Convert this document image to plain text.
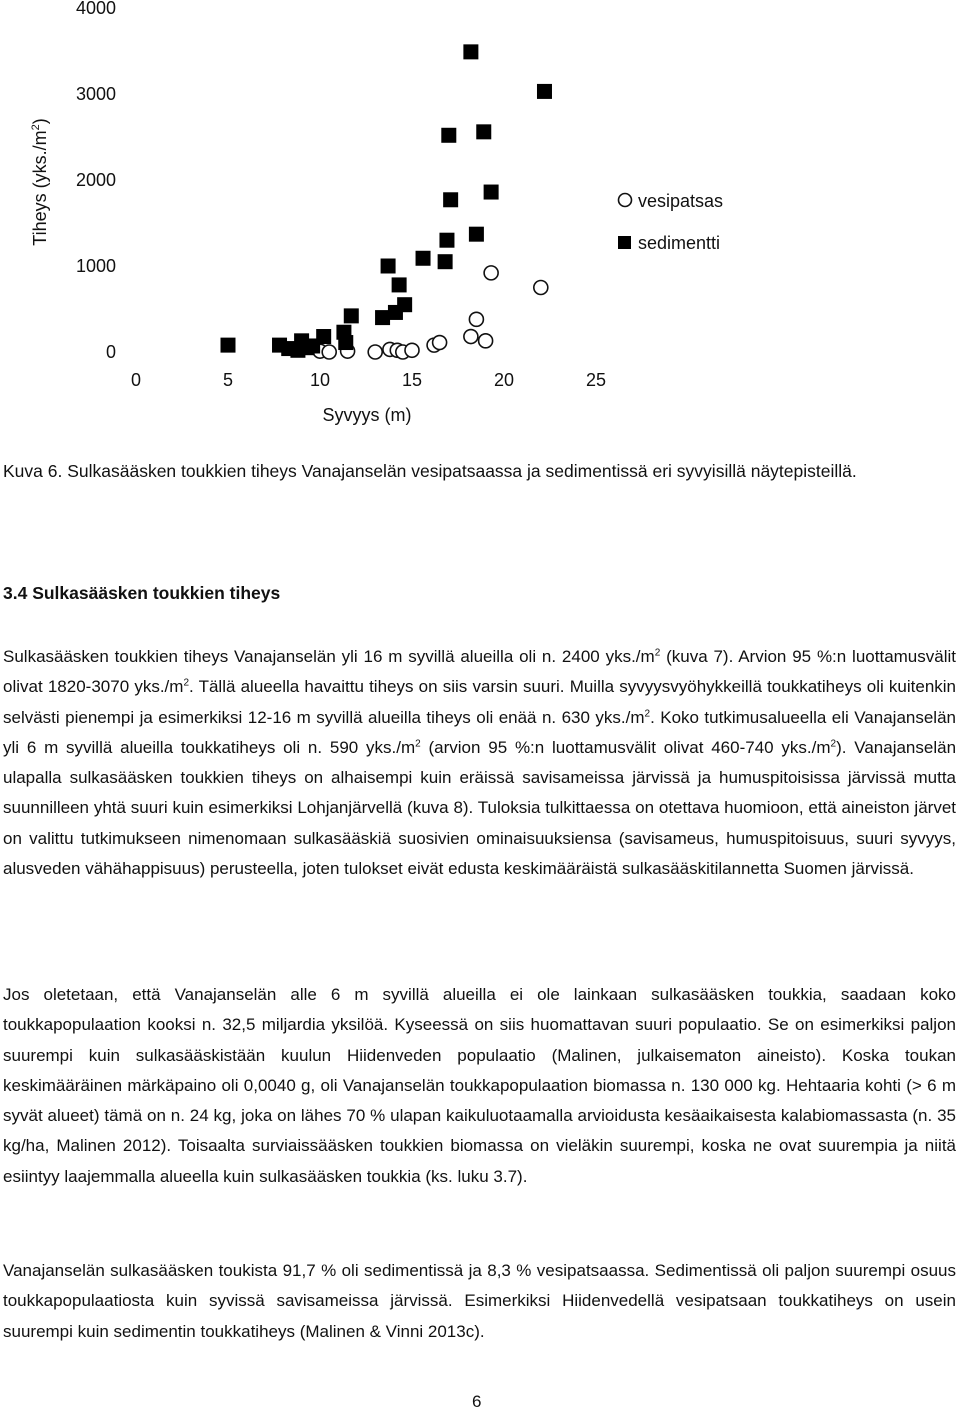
0
1000
2000
3000
4000
0	5	10	15	20	25
Syvyys (m)
Tiheys $(yks./m^2)$
vesipatsas
sedimentti
Kuva 6. Sulkasääsken toukkien tiheys Vanajanselän vesipatsaassa ja sedimentissä eri syvyisillä näytepisteillä.
3.4 Sulkasääsken toukkien tiheys
Sulkasääsken toukkien tiheys Vanajanselän yli 16 m syvillä alueilla oli n. 2400 $yks./m^2$ (kuva 7). Arvion 95 %:n luottamusvälit olivat 1820-3070 $yks./m^2$. Tällä alueella havaittu tiheys on siis varsin suuri. Muilla syvyysvyöhykkeillä toukkatiheys oli kuitenkin selvästi pienempi ja esimerkiksi 12-16 m syvillä alueilla tiheys oli enää n. 630 $yks./m^2$. Koko tutkimusalueella eli Vanajanselän yli 6 m syvillä alueilla toukkatiheys oli n. 590 $yks./m^2$ (arvion 95 %:n luottamusvälit olivat 460-740 $yks./m^2$). Vanajanselän ulapalla sulkasääsken toukkien tiheys on alhaisempi kuin eräissä savisameissa järvissä ja humuspitoisissa järvissä mutta suunnilleen yhtä suuri kuin esimerkiksi Lohjanjärvellä (kuva 8). Tuloksia tulkittaessa on otettava huomioon, että aineiston järvet on valittu tutkimukseen nimenomaan sulkasääskiä suosivien ominaisuuksiensa (savisameus, humuspitoisuus, suuri syvyys, alusveden vähähappisuus) perusteella, joten tulokset eivät edusta keskimääräistä sulkasääskitilannetta Suomen järvissä.
Jos oletetaan, että Vanajanselän alle 6 m syvillä alueilla ei ole lainkaan sulkasääsken toukkia, saadaan koko toukkapopulaation kooksi n. 32,5 miljardia yksilöä. Kyseessä on siis huomattavan suuri populaatio. Se on esimerkiksi paljon suurempi kuin sulkasääskistään kuulun Hiidenveden populaatio (Malinen, julkaisematon aineisto). Koska toukan keskimääräinen märkäpaino oli 0,0040 g, oli Vanajanselän toukkapopulaation biomassa n. 130 000 kg. Hehtaaria kohti (> 6 m syvät alueet) tämä on n. 24 kg, joka on lähes 70 % ulapan kaikuluotaamalla arvioidusta kesäaikaisesta kalabiomassasta (n. 35 kg/ha, Malinen 2012). Toisaalta surviaissääsken toukkien biomassa on vieläkin suurempi, koska ne ovat suurempia ja niitä esiintyy laajemmalla alueella kuin sulkasääsken toukkia (ks. luku 3.7).
Vanajanselän sulkasääsken toukista 91,7 % oli sedimentissä ja 8,3 % vesipatsaassa. Sedimentissä oli paljon suurempi osuus toukkapopulaatiosta kuin syvissä savisameissa järvissä. Esimerkiksi Hiidenvedellä vesipatsaan toukkatiheys on usein suurempi kuin sedimentin toukkatiheys (Malinen & Vinni 2013c).
6
